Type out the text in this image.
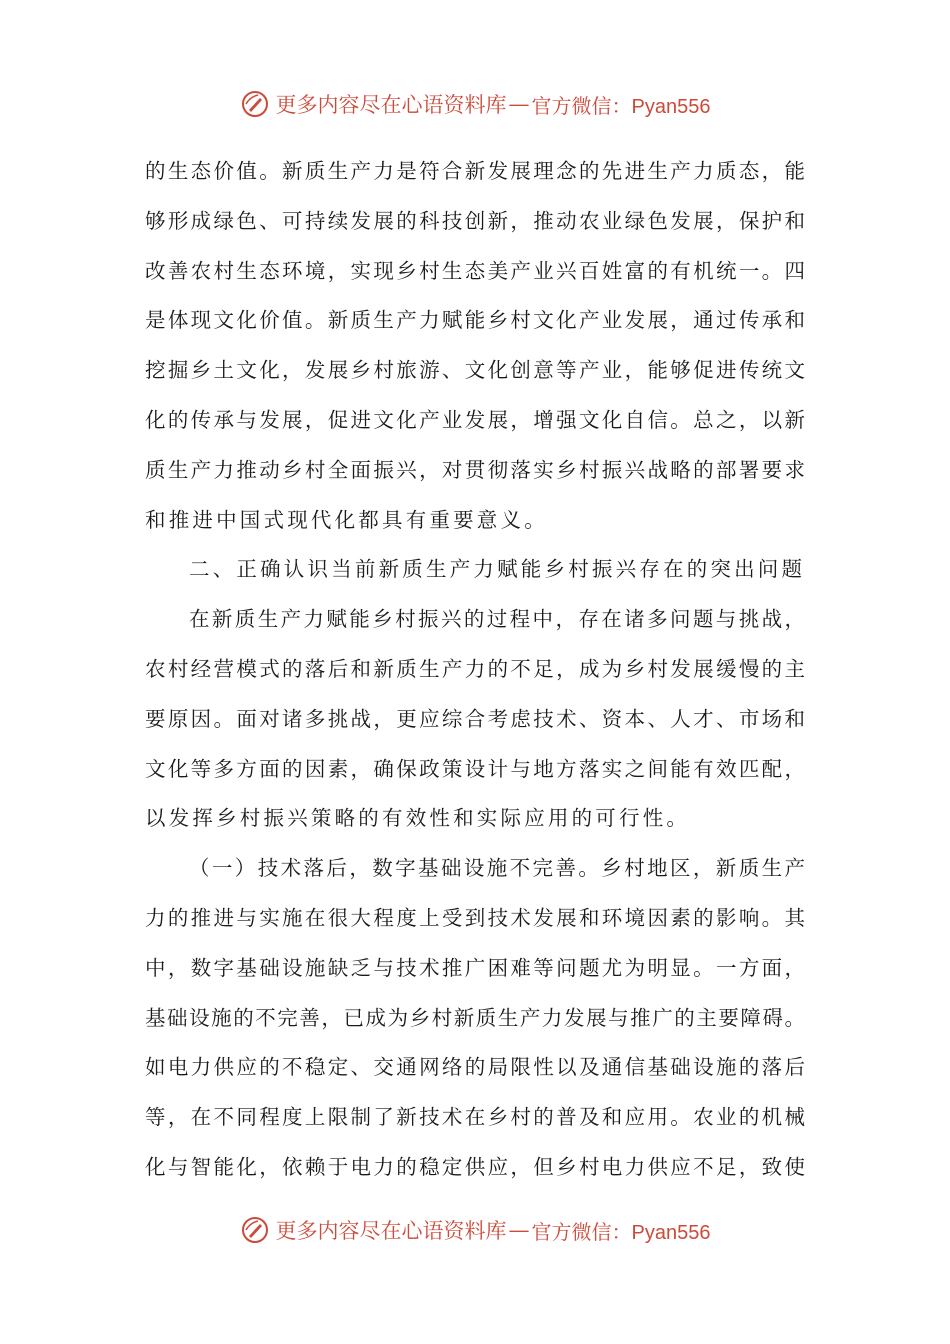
更多内容尽在心语资料库 — 官方微信：Pyan556
的生态价值。新质生产力是符合新发展理念的先进生产力质态，能
够形成绿色、可持续发展的科技创新，推动农业绿色发展，保护和
改善农村生态环境，实现乡村生态美产业兴百姓富的有机统一。四
是体现文化价值。新质生产力赋能乡村文化产业发展，通过传承和
挖掘乡土文化，发展乡村旅游、文化创意等产业，能够促进传统文
化的传承与发展，促进文化产业发展，增强文化自信。总之，以新
质生产力推动乡村全面振兴，对贯彻落实乡村振兴战略的部署要求
和推进中国式现代化都具有重要意义。
二、正确认识当前新质生产力赋能乡村振兴存在的突出问题
在新质生产力赋能乡村振兴的过程中，存在诸多问题与挑战，
农村经营模式的落后和新质生产力的不足，成为乡村发展缓慢的主
要原因。面对诸多挑战，更应综合考虑技术、资本、人才、市场和
文化等多方面的因素，确保政策设计与地方落实之间能有效匹配，
以发挥乡村振兴策略的有效性和实际应用的可行性。
（一）技术落后，数字基础设施不完善。乡村地区，新质生产
力的推进与实施在很大程度上受到技术发展和环境因素的影响。其
中，数字基础设施缺乏与技术推广困难等问题尤为明显。一方面，
基础设施的不完善，已成为乡村新质生产力发展与推广的主要障碍。
如电力供应的不稳定、交通网络的局限性以及通信基础设施的落后
等，在不同程度上限制了新技术在乡村的普及和应用。农业的机械
化与智能化，依赖于电力的稳定供应，但乡村电力供应不足，致使
更多内容尽在心语资料库 — 官方微信：Pyan556
